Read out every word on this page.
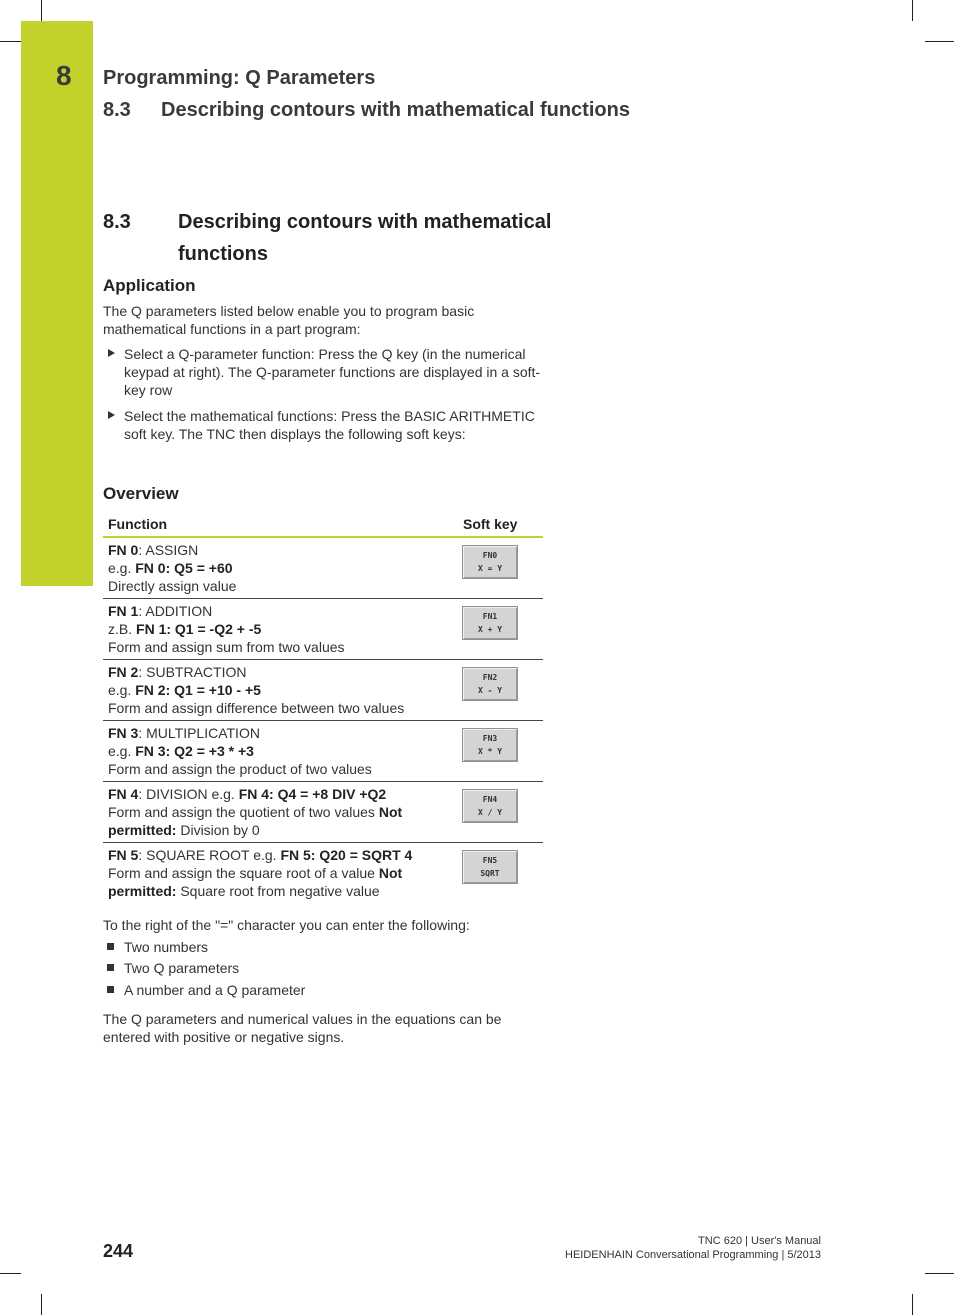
8 Programming: Q Parameters
8.3 Describing contours with mathematical functions
8.3 Describing contours with mathematical functions
Application
The Q parameters listed below enable you to program basic mathematical functions in a part program:
Select a Q-parameter function: Press the Q key (in the numerical keypad at right). The Q-parameter functions are displayed in a soft-key row
Select the mathematical functions: Press the BASIC ARITHMETIC soft key. The TNC then displays the following soft keys:
Overview
Function	Soft key
FN 0: ASSIGN
e.g. FN 0: Q5 = +60
Directly assign value
FN0
X = Y
FN 1: ADDITION
z.B. FN 1: Q1 = -Q2 + -5
Form and assign sum from two values
FN1
X + Y
FN 2: SUBTRACTION
e.g. FN 2: Q1 = +10 - +5
Form and assign difference between two values
FN2
X - Y
FN 3: MULTIPLICATION
e.g. FN 3: Q2 = +3 * +3
Form and assign the product of two values
FN3
X * Y
FN 4: DIVISION e.g. FN 4: Q4 = +8 DIV +Q2
Form and assign the quotient of two values Not permitted: Division by 0
FN4
X / Y
FN 5: SQUARE ROOT e.g. FN 5: Q20 = SQRT 4
Form and assign the square root of a value Not permitted: Square root from negative value
FN5
SQRT
To the right of the "=" character you can enter the following:
Two numbers
Two Q parameters
A number and a Q parameter
The Q parameters and numerical values in the equations can be entered with positive or negative signs.
244	TNC 620 | User's Manual
HEIDENHAIN Conversational Programming | 5/2013
